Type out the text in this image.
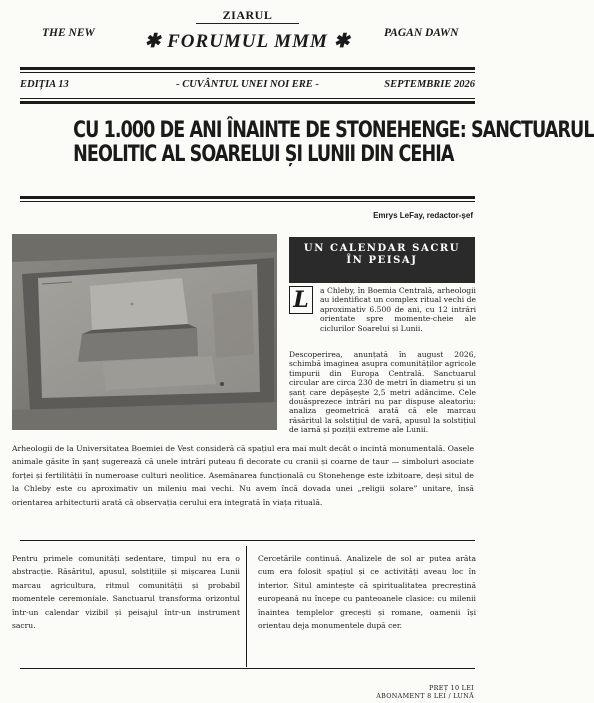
ZIARUL
THE NEW	✱ FORUMUL MMM ✱	PAGAN DAWN
EDIȚIA 13	- CUVÂNTUL UNEI NOI ERE -	SEPTEMBRIE 2026
CU 1.000 DE ANI ÎNAINTE DE STONEHENGE: SANCTUARUL
NEOLITIC AL SOARELUI ȘI LUNII DIN CEHIA
Emrys LeFay, redactor-șef
UN CALENDAR SACRU
ÎN PEISAJ
L	a Chleby, în Boemia Centrală, arheologii au identificat un complex ritual vechi de aproximativ 6.500 de ani, cu 12 intrări orientate spre momente-cheie ale ciclurilor Soarelui și Lunii.

Descoperirea, anunțată în august 2026, schimbă imaginea asupra comunităților agricole timpurii din Europa Centrală. Sanctuarul circular are circa 230 de metri în diametru și un șanț care depășește 2,5 metri adâncime. Cele douăsprezece intrări nu par dispuse aleatoriu: analiza geometrică arată că ele marcau răsăritul la solstițiul de vară, apusul la solstițiul de iarnă și poziții extreme ale Lunii.

Arheologii de la Universitatea Boemiei de Vest consideră că spațiul era mai mult decât o incintă monumentală. Oasele animale găsite în șanț sugerează că unele intrări puteau fi decorate cu cranii și coarne de taur — simboluri asociate forței și fertilității în numeroase culturi neolitice. Asemănarea funcțională cu Stonehenge este izbitoare, deși situl de la Chleby este cu aproximativ un mileniu mai vechi. Nu avem încă dovada unei „religii solare” unitare, însă orientarea arhitecturii arată că observația cerului era integrată în viața rituală.

Pentru primele comunități sedentare, timpul nu era o abstracție. Răsăritul, apusul, solstițiile și mișcarea Lunii marcau agricultura, ritmul comunității și probabil momentele ceremoniale. Sanctuarul transforma orizontul într-un calendar vizibil și peisajul într-un instrument sacru.

Cercetările continuă. Analizele de sol ar putea arăta cum era folosit spațiul și ce activități aveau loc în interior. Situl amintește că spiritualitatea precreștină europeană nu începe cu panteoanele clasice: cu milenii înaintea templelor grecești și romane, oamenii își orientau deja monumentele după cer.

PREȚ 10 LEI
ABONAMENT 8 LEI / LUNĂ
